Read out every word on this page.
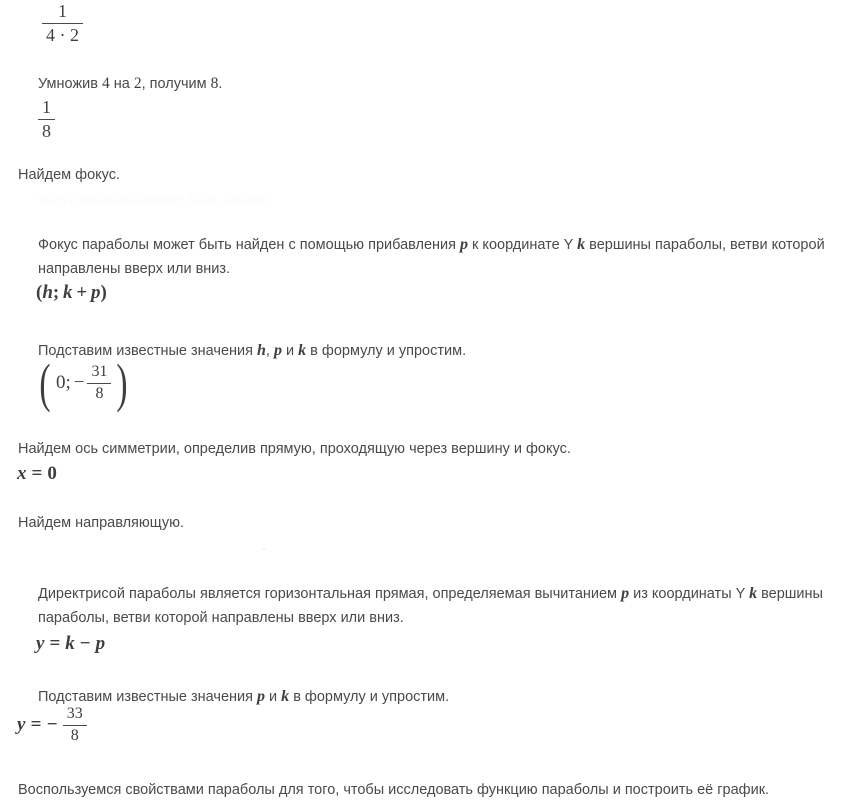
$\frac{1}{4 \cdot 2}$
Умножив 4 на 2, получим 8.
$\frac{1}{8}$
Найдем фокус.
Фокус параболы может быть найден
Фокус параболы может быть найден с помощью прибавления p к координате Y k вершины параболы, ветви которой
направлены вверх или вниз.
(h;  k  +  p)
Подставим известные значения h, p и k в формулу и упростим.
( 0; − $\frac{31}{8}$ )
Найдем ось симметрии, определив прямую, проходящую через вершину и фокус.
x = 0
Найдем направляющую.
Директрисой параболы является горизонтальная прямая, определяемая вычитанием p из координаты Y k вершины
параболы, ветви которой направлены вверх или вниз.
y = k − p
Подставим известные значения p и k в формулу и упростим.
y = − $\frac{33}{8}$
Воспользуемся свойствами параболы для того, чтобы исследовать функцию параболы и построить её график.
